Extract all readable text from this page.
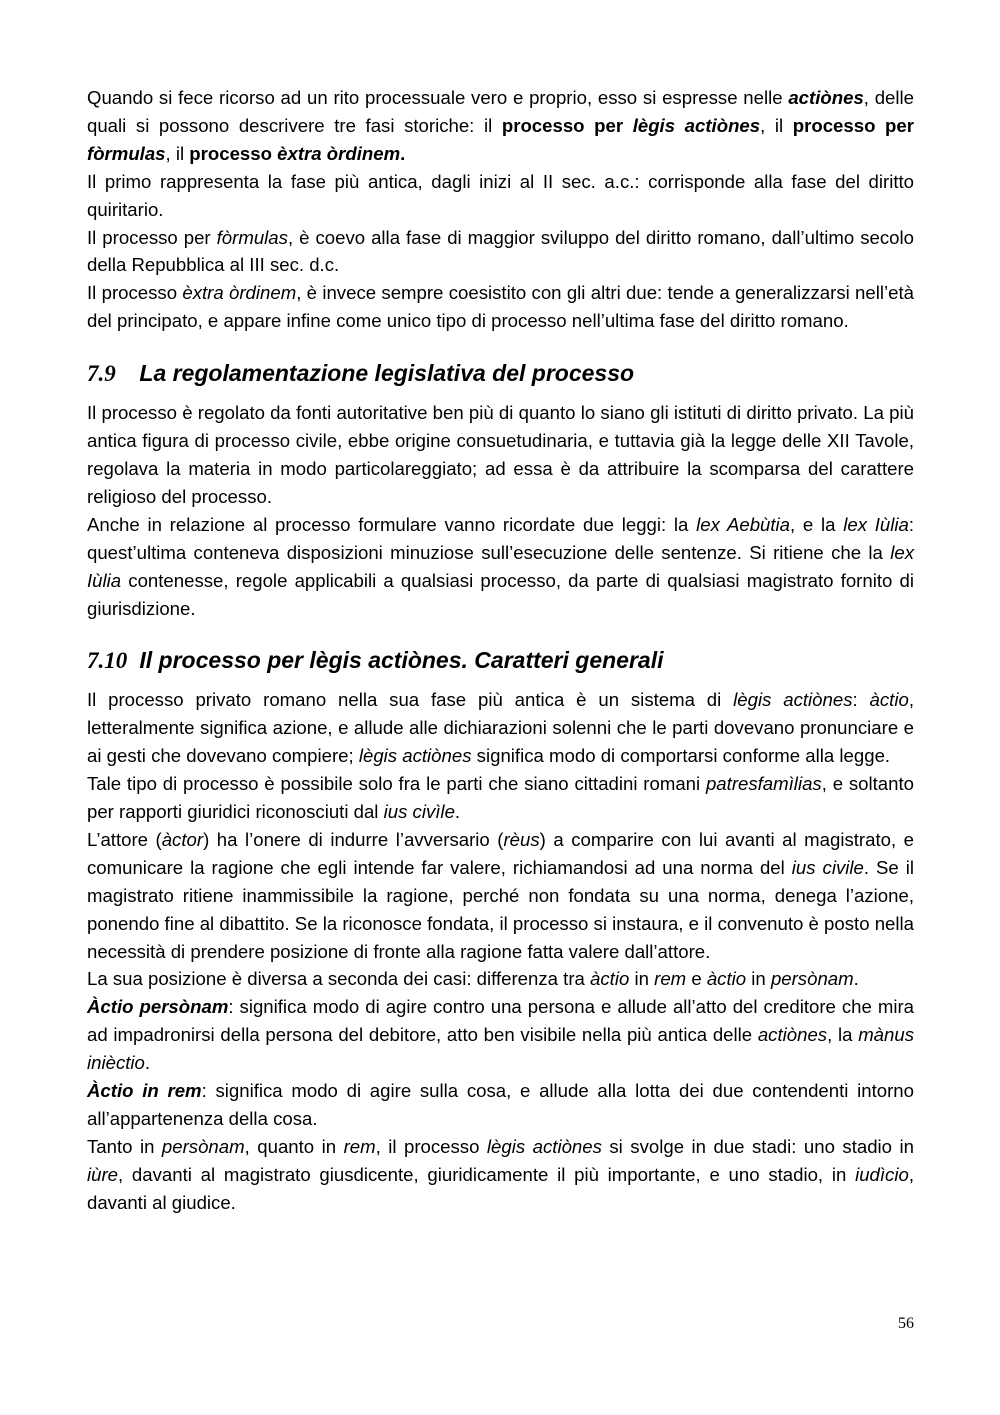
Quando si fece ricorso ad un rito processuale vero e proprio, esso si espresse nelle actiònes, delle quali si possono descrivere tre fasi storiche: il processo per lègis actiònes, il processo per fòrmulas, il processo èxtra òrdinem.

Il primo rappresenta la fase più antica, dagli inizi al II sec. a.c.: corrisponde alla fase del diritto quiritario.

Il processo per fòrmulas, è coevo alla fase di maggior sviluppo del diritto romano, dall’ultimo secolo della Repubblica al III sec. d.c.

Il processo èxtra òrdinem, è invece sempre coesistito con gli altri due: tende a generalizzarsi nell’età del principato, e appare infine come unico tipo di processo nell’ultima fase del diritto romano.

7.9 La regolamentazione legislativa del processo

Il processo è regolato da fonti autoritative ben più di quanto lo siano gli istituti di diritto privato. La più antica figura di processo civile, ebbe origine consuetudinaria, e tuttavia già la legge delle XII Tavole, regolava la materia in modo particolareggiato; ad essa è da attribuire la scomparsa del carattere religioso del processo.

Anche in relazione al processo formulare vanno ricordate due leggi: la lex Aebùtia, e la lex Iùlia: quest’ultima conteneva disposizioni minuziose sull’esecuzione delle sentenze. Si ritiene che la lex Iùlia contenesse, regole applicabili a qualsiasi processo, da parte di qualsiasi magistrato fornito di giurisdizione.

7.10 Il processo per lègis actiònes. Caratteri generali

Il processo privato romano nella sua fase più antica è un sistema di lègis actiònes: àctio, letteralmente significa azione, e allude alle dichiarazioni solenni che le parti dovevano pronunciare e ai gesti che dovevano compiere; lègis actiònes significa modo di comportarsi conforme alla legge.

Tale tipo di processo è possibile solo fra le parti che siano cittadini romani patresfamìlias, e soltanto per rapporti giuridici riconosciuti dal ius civìle.

L’attore (àctor) ha l’onere di indurre l’avversario (rèus) a comparire con lui avanti al magistrato, e comunicare la ragione che egli intende far valere, richiamandosi ad una norma del ius civile. Se il magistrato ritiene inammissibile la ragione, perché non fondata su una norma, denega l’azione, ponendo fine al dibattito. Se la riconosce fondata, il processo si instaura, e il convenuto è posto nella necessità di prendere posizione di fronte alla ragione fatta valere dall’attore.

La sua posizione è diversa a seconda dei casi: differenza tra àctio in rem e àctio in persònam.

Àctio persònam: significa modo di agire contro una persona e allude all’atto del creditore che mira ad impadronirsi della persona del debitore, atto ben visibile nella più antica delle actiònes, la mànus inièctio.

Àctio in rem: significa modo di agire sulla cosa, e allude alla lotta dei due contendenti intorno all’appartenenza della cosa.

Tanto in persònam, quanto in rem, il processo lègis actiònes si svolge in due stadi: uno stadio in iùre, davanti al magistrato giusdicente, giuridicamente il più importante, e uno stadio, in iudìcio, davanti al giudice.

56
